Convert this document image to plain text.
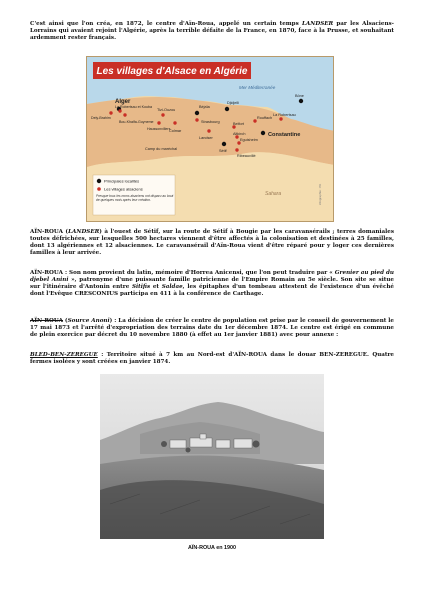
C'est ainsi que l'on créa, en 1872, le centre d'Aïn-Roua, appelé un certain temps LANDSER par les Alsaciens-Lorrains qui avaient rejoint l'Algérie, après la terrible défaite de la France, en 1870, face à la Prusse, et souhaitant ardemment rester français.

Les villages d'Alsace en Algérie
Mer Méditerranée
Sahara	infographie : PA
Alger
La Robertsau et Kouba
Dely-Brahim
Bou-Khalfa-Guyneme
Tizi-Ouzou
Haussonvillers
Colmar
Camp du maréchal
Béjaïa
Strasbourg
Landser
Djidjelli
Belfort
Altkirch
Eguisheim
Sétif
Ribeauvillé
Rouffach
Constantine
La Robertsau
Bône
Principales localités
Les villages alsaciens
Presque tous les noms alsaciens ont disparu au bout de quelques mois après leur création.

AÏN-ROUA (LANDSER) à l'ouest de Sétif, sur la route de Sétif à Bougie par les caravansérails ; terres domaniales toutes défrichées, sur lesquelles 500 hectares viennent d'être affectés à la colonisation et destinées à 25 familles, dont 13 algériennes et 12 alsaciennes. Le caravansérail d'Aïn-Roua vient d'être réparé pour y loger ces dernières familles à leur arrivée.

AÏN-ROUA : Son nom provient du latin, mémoire d'Horrea Anicensi, que l'on peut traduire par « Grenier au pied du djebel Anini », patronyme d'une puissante famille patricienne de l'Empire Romain au 5e siècle. Son site se situe sur l'itinéraire d'Antonin entre Sitifis et Saldae, les épitaphes d'un tombeau attestent de l'existence d'un évêché dont l'Evêque CRESCONIUS participa en 411 à la conférence de Carthage.

AÏN-ROUA (Source Anoni) : La décision de créer le centre de population est prise par le conseil de gouvernement le 17 mai 1873 et l'arrêté d'expropriation des terrains date du 1er décembre 1874. Le centre est érigé en commune de plein exercice par décret du 10 novembre 1880 (à effet au 1er janvier 1881) avec pour annexe :

BLED-BEN-ZEREGUE : Territoire situé à 7 km au Nord-est d'AÏN-ROUA dans le douar BEN-ZEREGUE. Quatre fermes isolées y sont créées en janvier 1874.

AÏN-ROUA en 1900
